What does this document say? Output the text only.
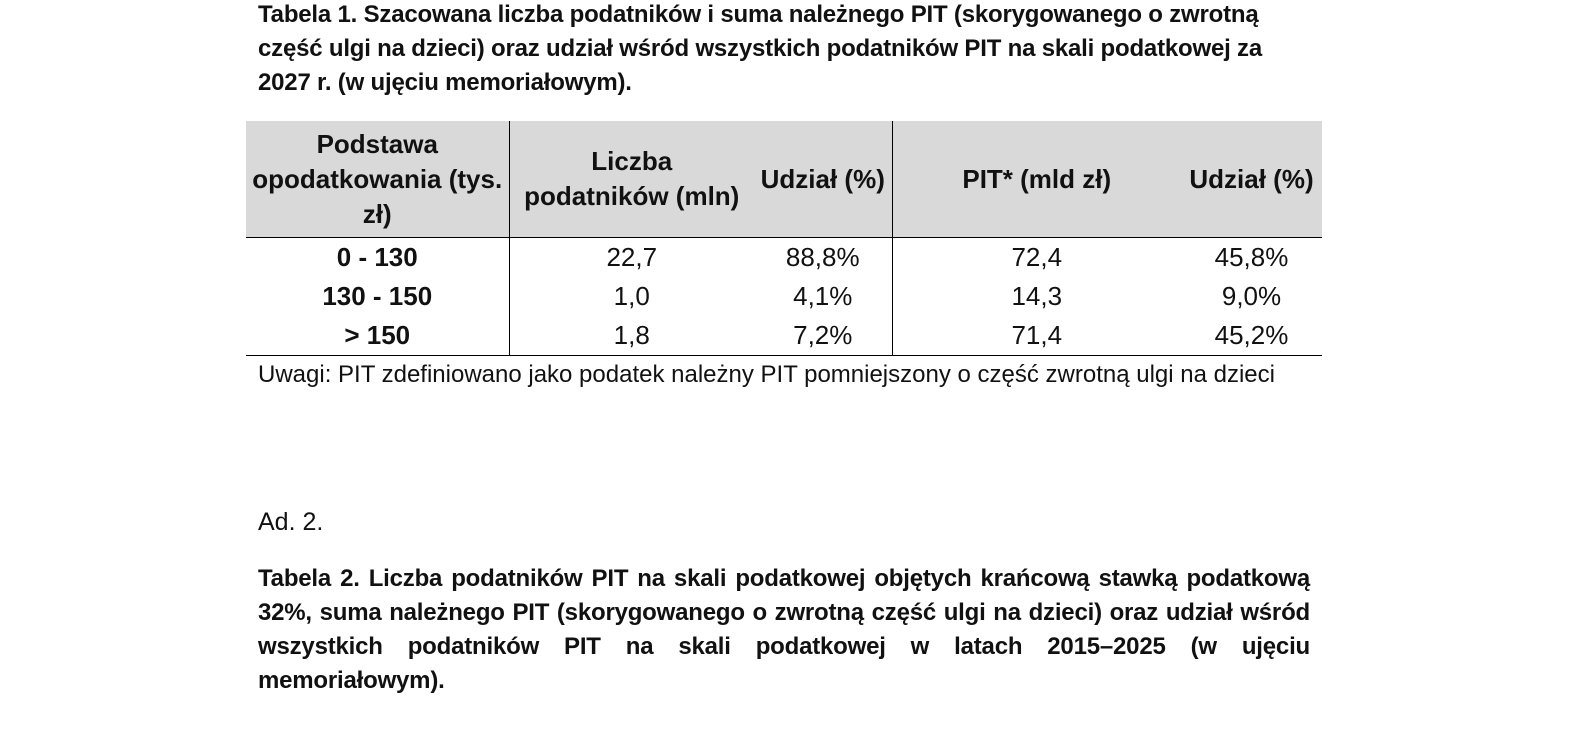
Tabela 1. Szacowana liczba podatników i suma należnego PIT (skorygowanego o zwrotną część ulgi na dzieci) oraz udział wśród wszystkich podatników PIT na skali podatkowej za 2027 r. (w ujęciu memoriałowym).

Podstawa opodatkowania (tys. zł)	Liczba podatników (mln)	Udział (%)	PIT* (mld zł)	Udział (%)
0 - 130	22,7	88,8%	72,4	45,8%
130 - 150	1,0	4,1%	14,3	9,0%
> 150	1,8	7,2%	71,4	45,2%

Uwagi: PIT zdefiniowano jako podatek należny PIT pomniejszony o część zwrotną ulgi na dzieci

Ad. 2.

Tabela 2. Liczba podatników PIT na skali podatkowej objętych krańcową stawką podatkową 32%, suma należnego PIT (skorygowanego o zwrotną część ulgi na dzieci) oraz udział wśród wszystkich podatników PIT na skali podatkowej w latach 2015–2025 (w ujęciu memoriałowym).
